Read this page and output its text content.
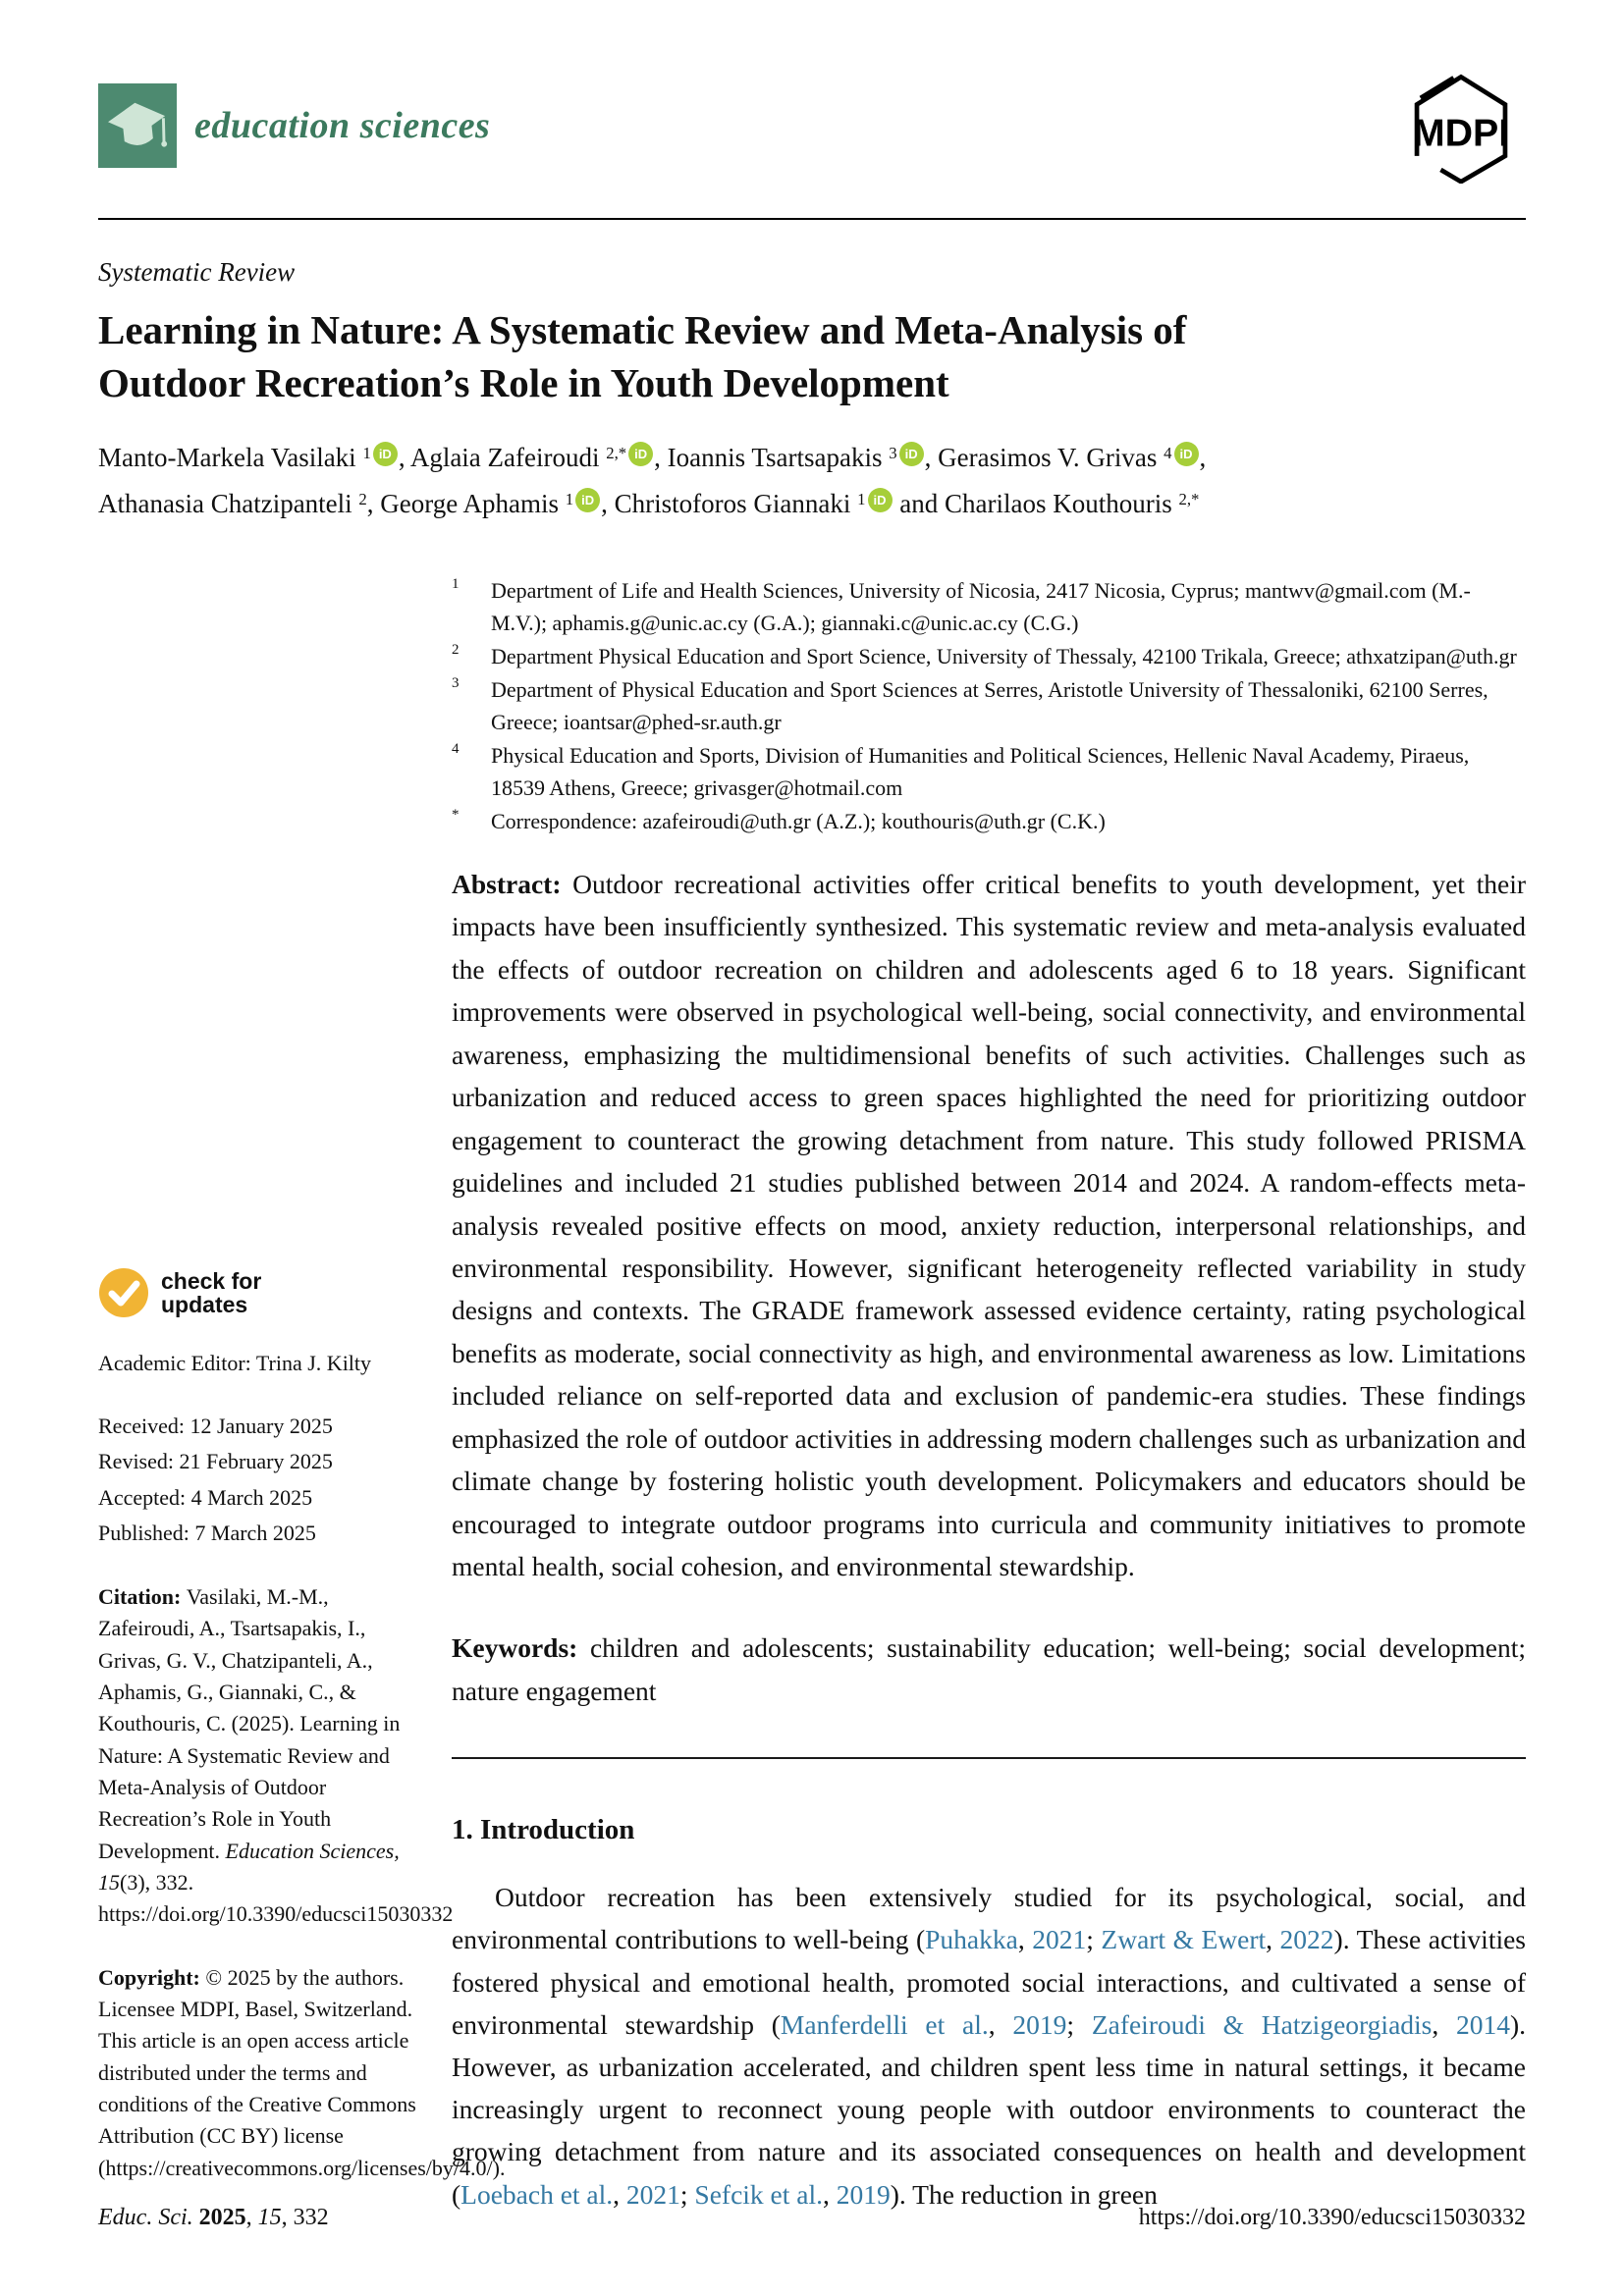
education sciences	MDPI
Systematic Review
Learning in Nature: A Systematic Review and Meta-Analysis of Outdoor Recreation’s Role in Youth Development
Manto-Markela Vasilaki $^1$ iD , Aglaia Zafeiroudi $^{2,*}$ iD , Ioannis Tsartsapakis $^3$ iD , Gerasimos V. Grivas $^4$ iD ,
Athanasia Chatzipanteli $^2$, George Aphamis $^1$ iD , Christoforos Giannaki $^1$ iD and Charilaos Kouthouris $^{2,*}$
check for
updates
Academic Editor: Trina J. Kilty
Received: 12 January 2025
Revised: 21 February 2025
Accepted: 4 March 2025
Published: 7 March 2025
Citation: Vasilaki, M.-M., Zafeiroudi, A., Tsartsapakis, I., Grivas, G. V., Chatzipanteli, A., Aphamis, G., Giannaki, C., & Kouthouris, C. (2025). Learning in Nature: A Systematic Review and Meta-Analysis of Outdoor Recreation’s Role in Youth Development. Education Sciences, 15(3), 332. https://doi.org/10.3390/educsci15030332
Copyright: © 2025 by the authors. Licensee MDPI, Basel, Switzerland. This article is an open access article distributed under the terms and conditions of the Creative Commons Attribution (CC BY) license (https://creativecommons.org/licenses/by/4.0/).
1	Department of Life and Health Sciences, University of Nicosia, 2417 Nicosia, Cyprus; mantwv@gmail.com (M.-M.V.); aphamis.g@unic.ac.cy (G.A.); giannaki.c@unic.ac.cy (C.G.)
2	Department Physical Education and Sport Science, University of Thessaly, 42100 Trikala, Greece; athxatzipan@uth.gr
3	Department of Physical Education and Sport Sciences at Serres, Aristotle University of Thessaloniki, 62100 Serres, Greece; ioantsar@phed-sr.auth.gr
4	Physical Education and Sports, Division of Humanities and Political Sciences, Hellenic Naval Academy, Piraeus, 18539 Athens, Greece; grivasger@hotmail.com
*	Correspondence: azafeiroudi@uth.gr (A.Z.); kouthouris@uth.gr (C.K.)

Abstract: Outdoor recreational activities offer critical benefits to youth development, yet their impacts have been insufficiently synthesized. This systematic review and meta-analysis evaluated the effects of outdoor recreation on children and adolescents aged 6 to 18 years. Significant improvements were observed in psychological well-being, social connectivity, and environmental awareness, emphasizing the multidimensional benefits of such activities. Challenges such as urbanization and reduced access to green spaces highlighted the need for prioritizing outdoor engagement to counteract the growing detachment from nature. This study followed PRISMA guidelines and included 21 studies published between 2014 and 2024. A random-effects meta-analysis revealed positive effects on mood, anxiety reduction, interpersonal relationships, and environmental responsibility. However, significant heterogeneity reflected variability in study designs and contexts. The GRADE framework assessed evidence certainty, rating psychological benefits as moderate, social connectivity as high, and environmental awareness as low. Limitations included reliance on self-reported data and exclusion of pandemic-era studies. These findings emphasized the role of outdoor activities in addressing modern challenges such as urbanization and climate change by fostering holistic youth development. Policymakers and educators should be encouraged to integrate outdoor programs into curricula and community initiatives to promote mental health, social cohesion, and environmental stewardship.

Keywords: children and adolescents; sustainability education; well-being; social development; nature engagement

1. Introduction

Outdoor recreation has been extensively studied for its psychological, social, and environmental contributions to well-being (Puhakka, 2021; Zwart & Ewert, 2022). These activities fostered physical and emotional health, promoted social interactions, and cultivated a sense of environmental stewardship (Manferdelli et al., 2019; Zafeiroudi & Hatzigeorgiadis, 2014). However, as urbanization accelerated, and children spent less time in natural settings, it became increasingly urgent to reconnect young people with outdoor environments to counteract the growing detachment from nature and its associated consequences on health and development (Loebach et al., 2021; Sefcik et al., 2019). The reduction in green

Educ. Sci. 2025, 15, 332	https://doi.org/10.3390/educsci15030332
